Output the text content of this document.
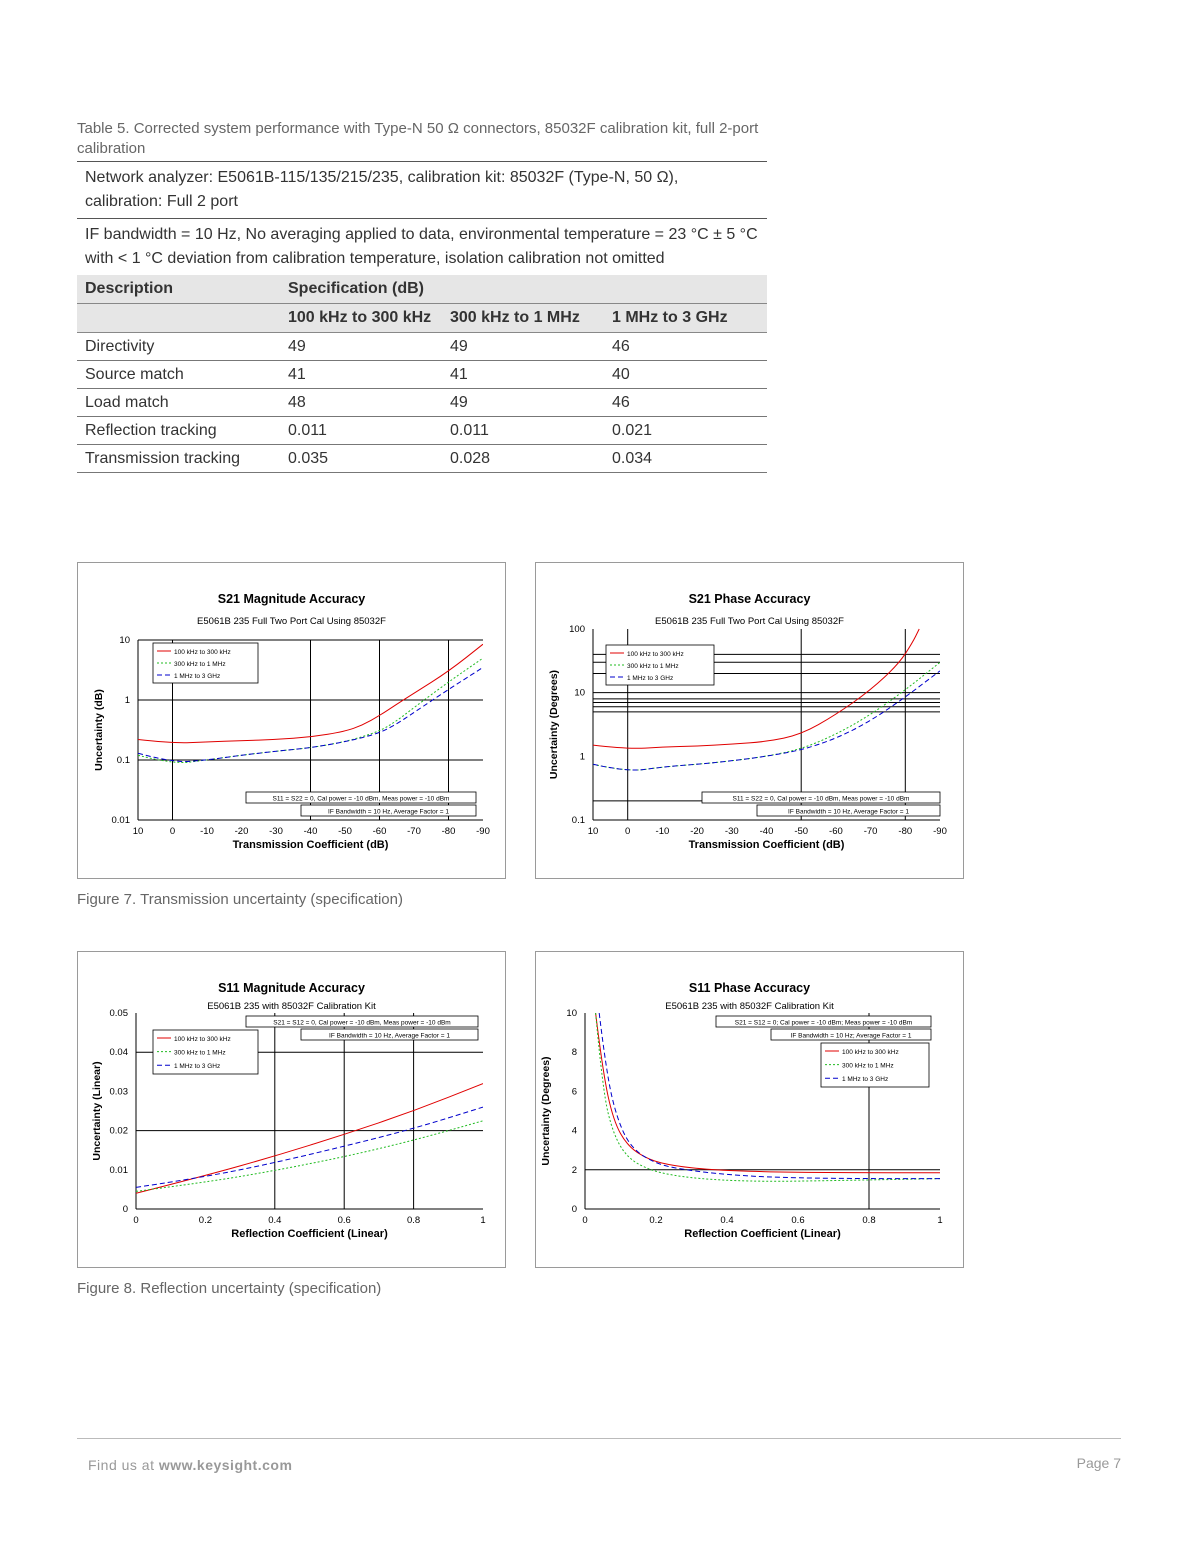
Table 5. Corrected system performance with Type-N 50 Ω connectors, 85032F calibration kit, full 2-port calibration
Network analyzer: E5061B-115/135/215/235, calibration kit: 85032F (Type-N, 50 Ω), calibration: Full 2 port			
IF bandwidth = 10 Hz, No averaging applied to data, environmental temperature = 23 °C ± 5 °C with < 1 °C deviation from calibration temperature, isolation calibration not omitted			
Description	Specification (dB)		
	100 kHz to 300 kHz	300 kHz to 1 MHz	1 MHz to 3 GHz
Directivity	49	49	46
Source match	41	41	40
Load match	48	49	46
Reflection tracking	0.011	0.011	0.021
Transmission tracking	0.035	0.028	0.034
S21 Magnitude Accuracy
E5061B 235 Full Two Port Cal Using 85032F
10	0	-10 -20 -30 -40 -50 -60 -70 -80 -90
0.01
0.1
1
10
Transmission Coefficient (dB)
Uncertainty (dB)
100 kHz to 300 kHz
300 kHz to 1 MHz
1 MHz to 3 GHz
S11 = S22 = 0, Cal power = -10 dBm, Meas power = -10 dBm
IF Bandwidth = 10 Hz, Average Factor = 1
S21 Phase Accuracy
E5061B 235 Full Two Port Cal Using 85032F
10	0	-10 -20 -30 -40 -50 -60 -70 -80 -90
0.1
1
10
100
Transmission Coefficient (dB)
Uncertainty (Degrees)
100 kHz to 300 kHz
300 kHz to 1 MHz
1 MHz to 3 GHz
S11 = S22 = 0, Cal power = -10 dBm, Meas power = -10 dBm
IF Bandwidth = 10 Hz, Average Factor = 1
Figure 7. Transmission uncertainty (specification)
S11 Magnitude Accuracy
E5061B 235 with 85032F Calibration Kit
0	0.2	0.4	0.6	0.8	1
0
0.01
0.02
0.03
0.04
0.05
Reflection Coefficient (Linear)
Uncertainty (Linear)
100 kHz to 300 kHz
300 kHz to 1 MHz
1 MHz to 3 GHz
S21 = S12 = 0, Cal power = -10 dBm, Meas power = -10 dBm
IF Bandwidth = 10 Hz, Average Factor = 1
S11 Phase Accuracy
E5061B 235 with 85032F Calibration Kit
0	0.2	0.4	0.6	0.8	1
0
2
4
6
8
10
Reflection Coefficient (Linear)
Uncertainty (Degrees)
100 kHz to 300 kHz
300 kHz to 1 MHz
1 MHz to 3 GHz
S21 = S12 = 0; Cal power = -10 dBm; Meas power = -10 dBm
IF Bandwidth = 10 Hz; Average Factor = 1
Figure 8. Reflection uncertainty (specification)
Find us at www.keysight.com	Page 7
